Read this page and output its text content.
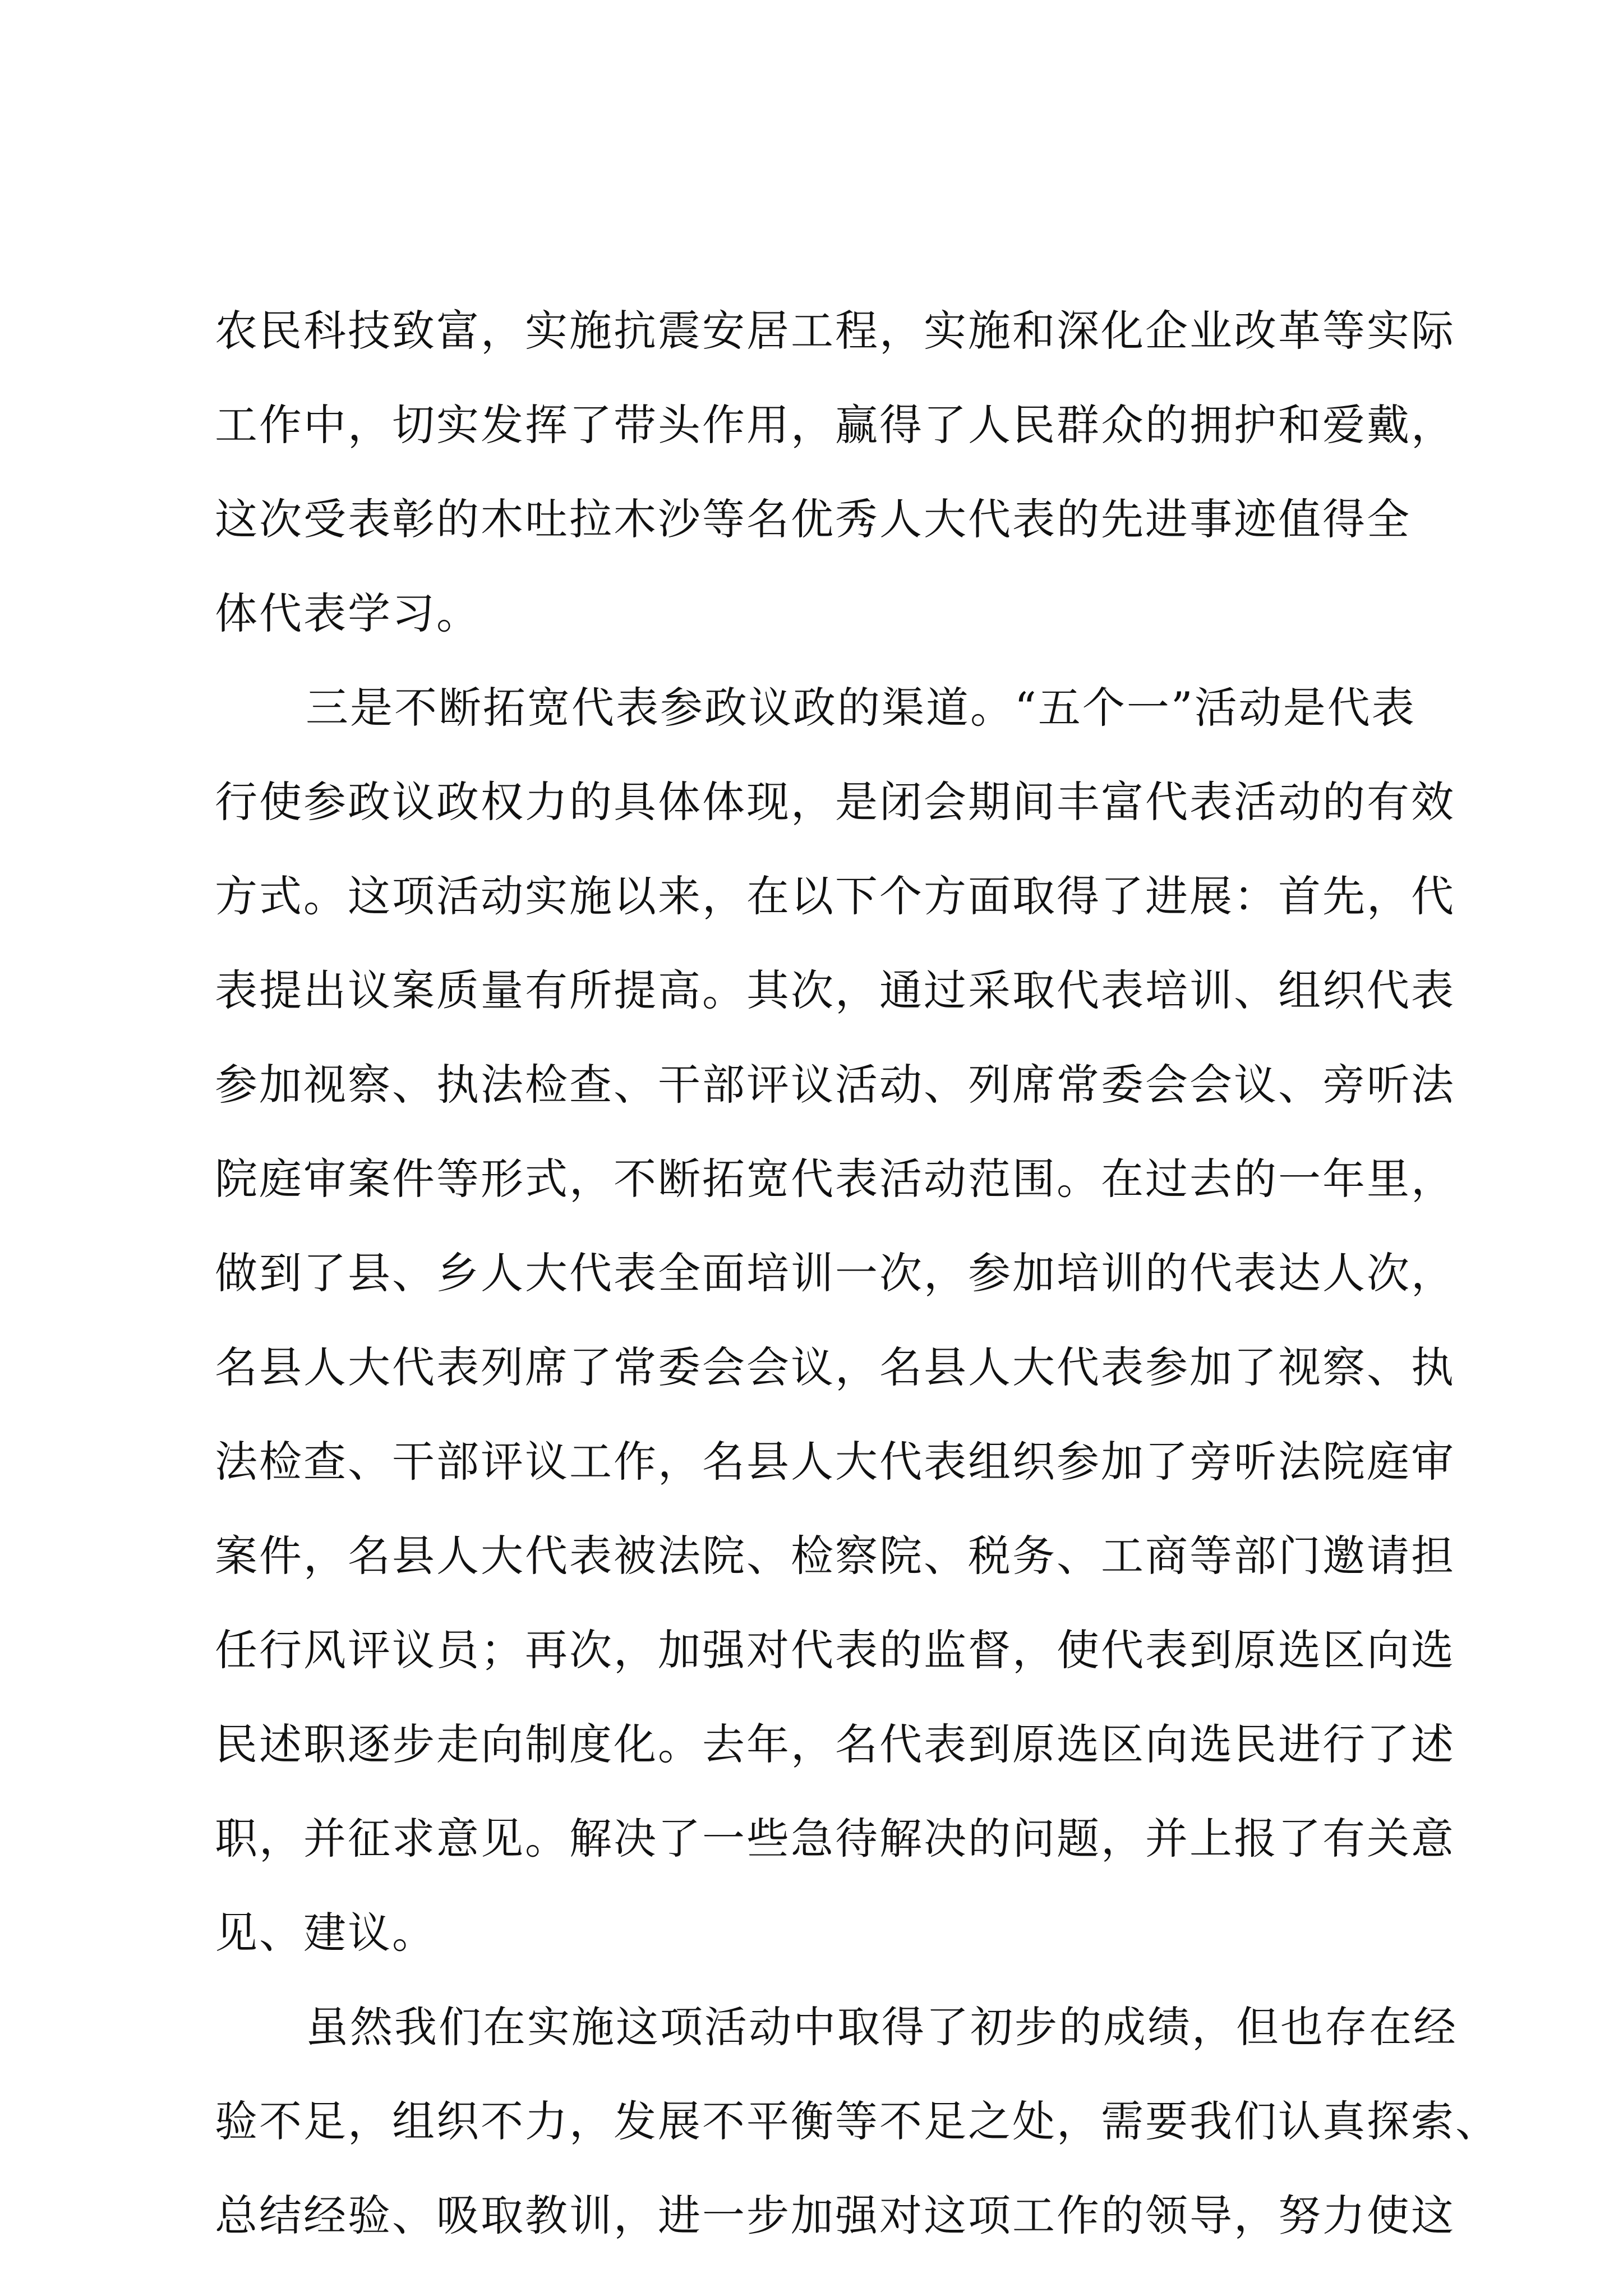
农民科技致富，实施抗震安居工程，实施和深化企业改革等实际
工作中，切实发挥了带头作用，赢得了人民群众的拥护和爱戴，
这次受表彰的木吐拉木沙等名优秀人大代表的先进事迹值得全
体代表学习。
三是不断拓宽代表参政议政的渠道。“五个一”活动是代表
行使参政议政权力的具体体现，是闭会期间丰富代表活动的有效
方式。这项活动实施以来，在以下个方面取得了进展：首先，代
表提出议案质量有所提高。其次，通过采取代表培训、组织代表
参加视察、执法检查、干部评议活动、列席常委会会议、旁听法
院庭审案件等形式，不断拓宽代表活动范围。在过去的一年里，
做到了县、乡人大代表全面培训一次，参加培训的代表达人次，
名县人大代表列席了常委会会议，名县人大代表参加了视察、执
法检查、干部评议工作，名县人大代表组织参加了旁听法院庭审
案件，名县人大代表被法院、检察院、税务、工商等部门邀请担
任行风评议员；再次，加强对代表的监督，使代表到原选区向选
民述职逐步走向制度化。去年，名代表到原选区向选民进行了述
职，并征求意见。解决了一些急待解决的问题，并上报了有关意
见、建议。
虽然我们在实施这项活动中取得了初步的成绩，但也存在经
验不足，组织不力，发展不平衡等不足之处，需要我们认真探索、
总结经验、吸取教训，进一步加强对这项工作的领导，努力使这
